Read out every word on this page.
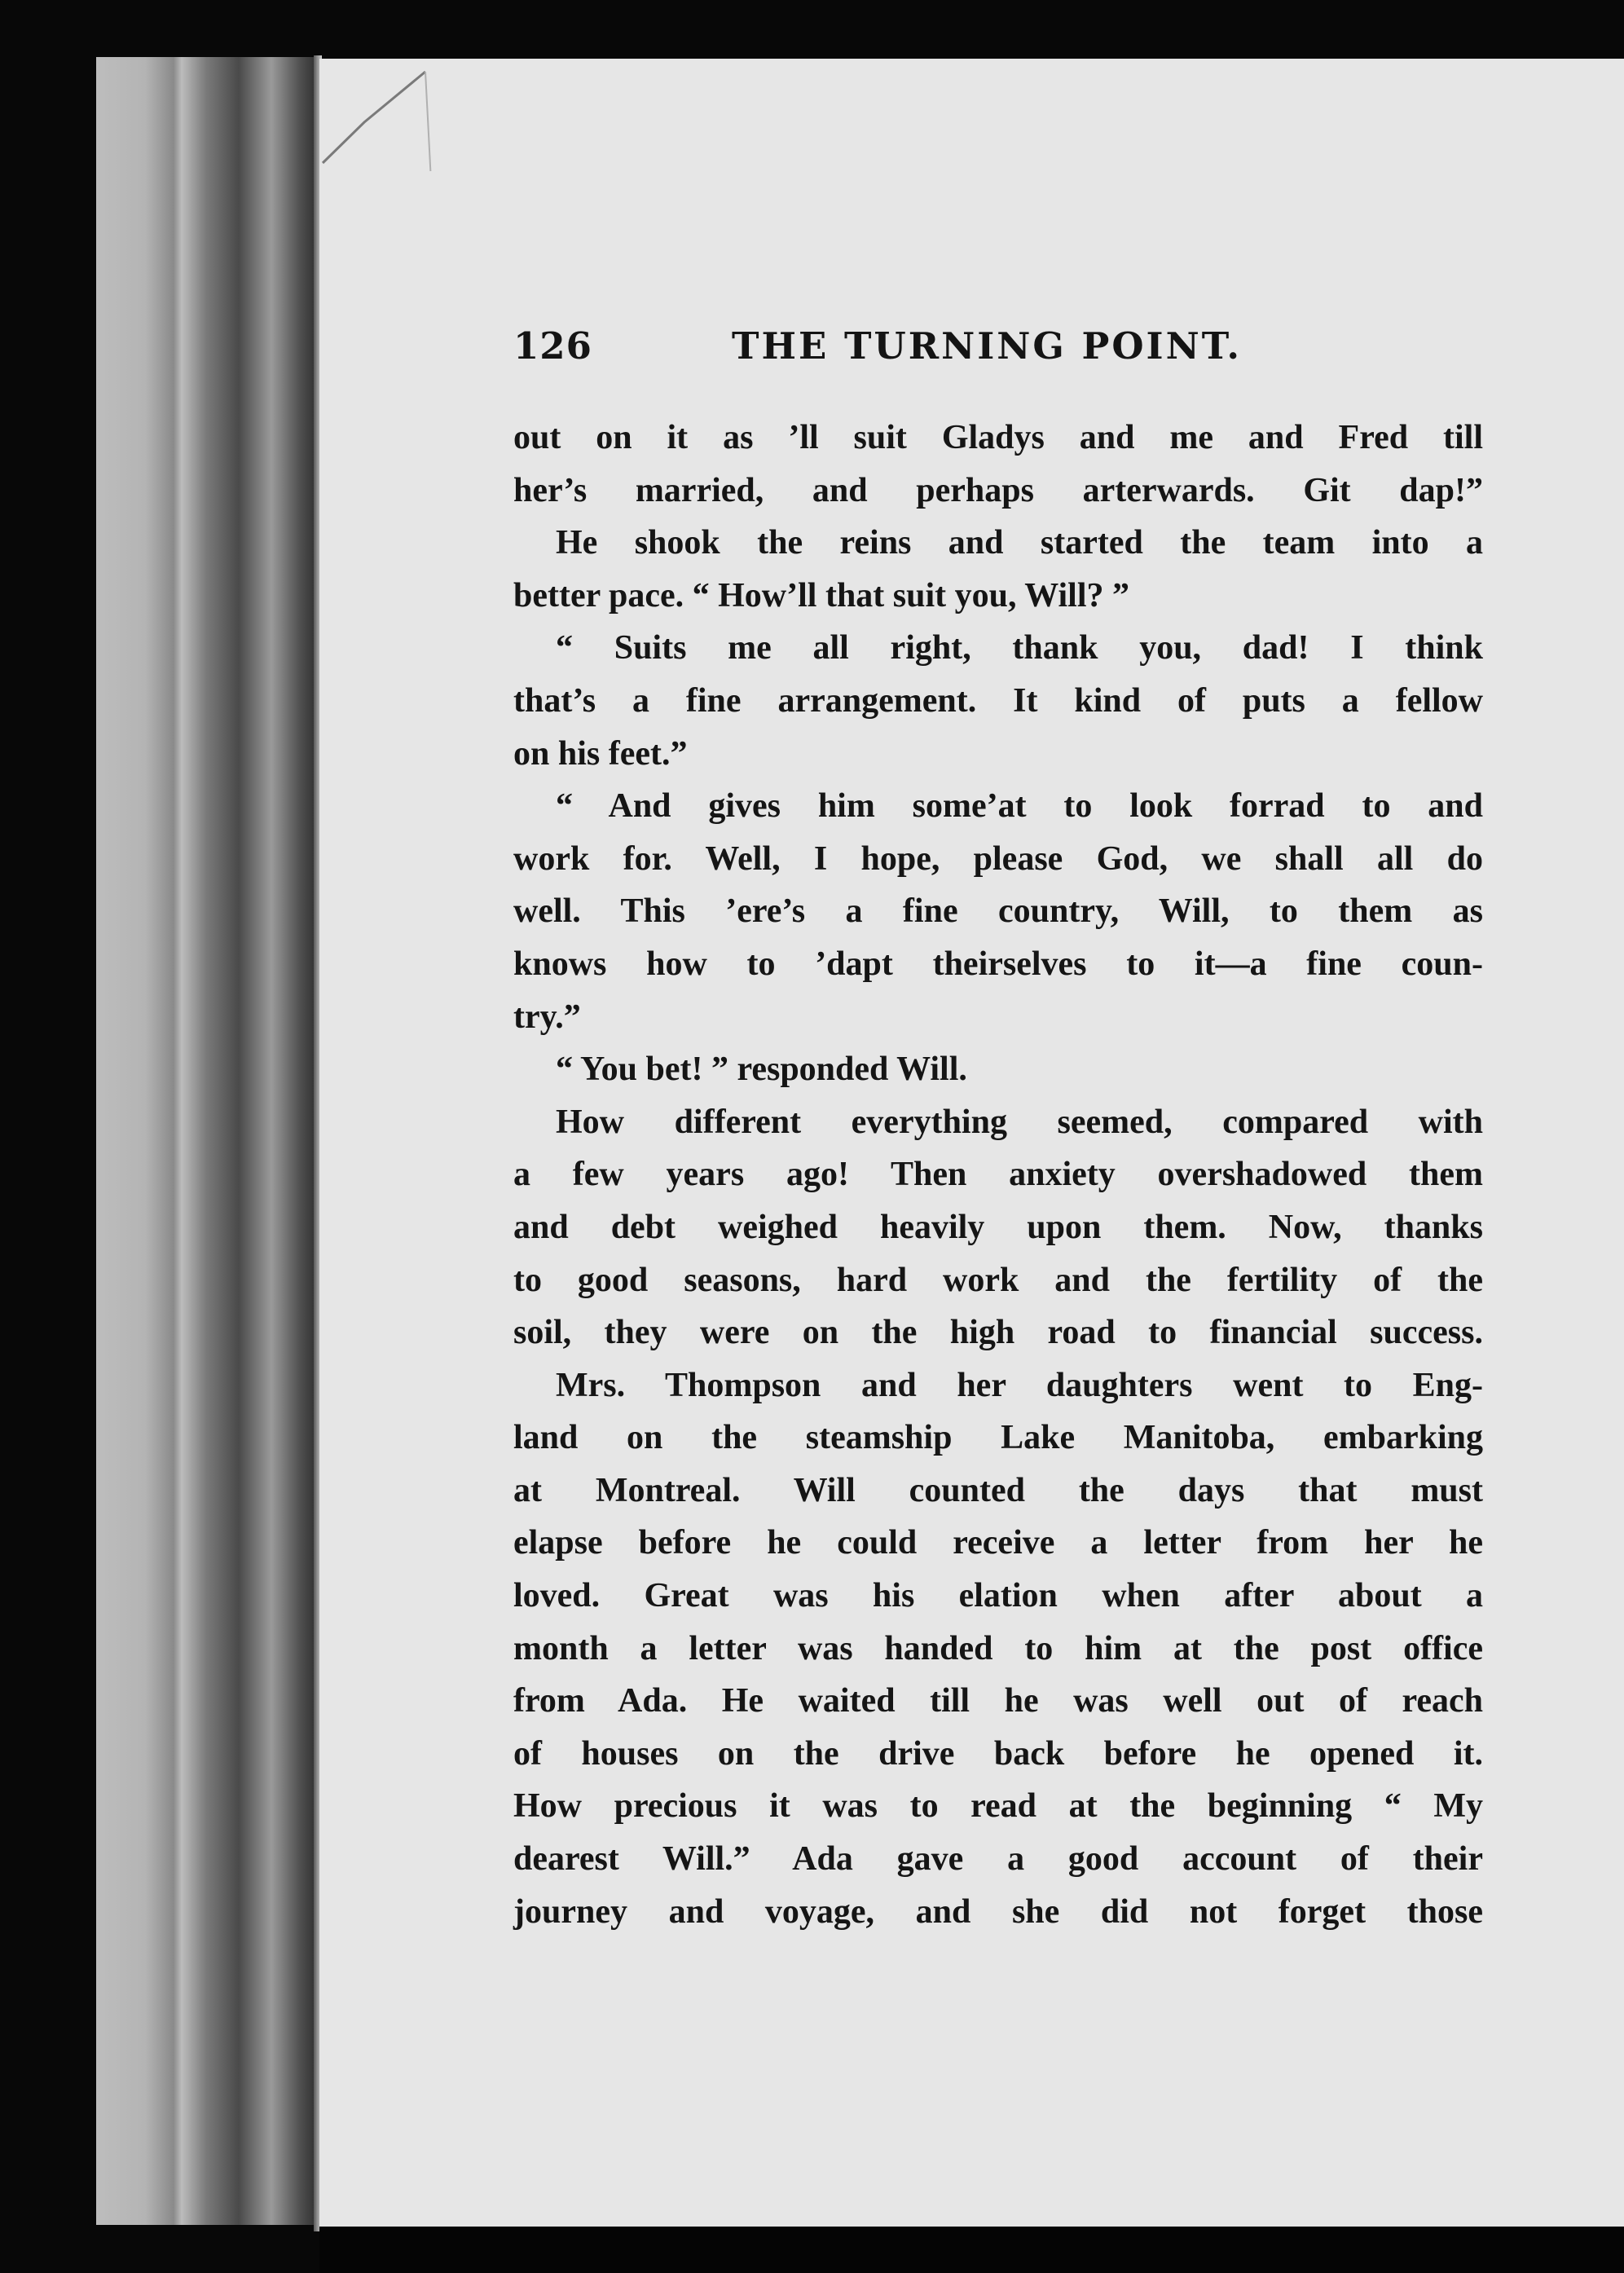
126	THE TURNING POINT.
out on it as ’ll suit Gladys and me and Fred till
her’s married, and perhaps arterwards. Git dap!”
He shook the reins and started the team into a
better pace. “ How’ll that suit you, Will? ”
“ Suits me all right, thank you, dad! I think
that’s a fine arrangement. It kind of puts a fellow
on his feet.”
“ And gives him some’at to look forrad to and
work for. Well, I hope, please God, we shall all do
well. This ’ere’s a fine country, Will, to them as
knows how to ’dapt theirselves to it—a fine coun-
try.”
“ You bet! ” responded Will.
How different everything seemed, compared with
a few years ago! Then anxiety overshadowed them
and debt weighed heavily upon them. Now, thanks
to good seasons, hard work and the fertility of the
soil, they were on the high road to financial success.
Mrs. Thompson and her daughters went to Eng-
land on the steamship Lake Manitoba, embarking
at Montreal. Will counted the days that must
elapse before he could receive a letter from her he
loved. Great was his elation when after about a
month a letter was handed to him at the post office
from Ada. He waited till he was well out of reach
of houses on the drive back before he opened it.
How precious it was to read at the beginning “ My
dearest Will.” Ada gave a good account of their
journey and voyage, and she did not forget those
